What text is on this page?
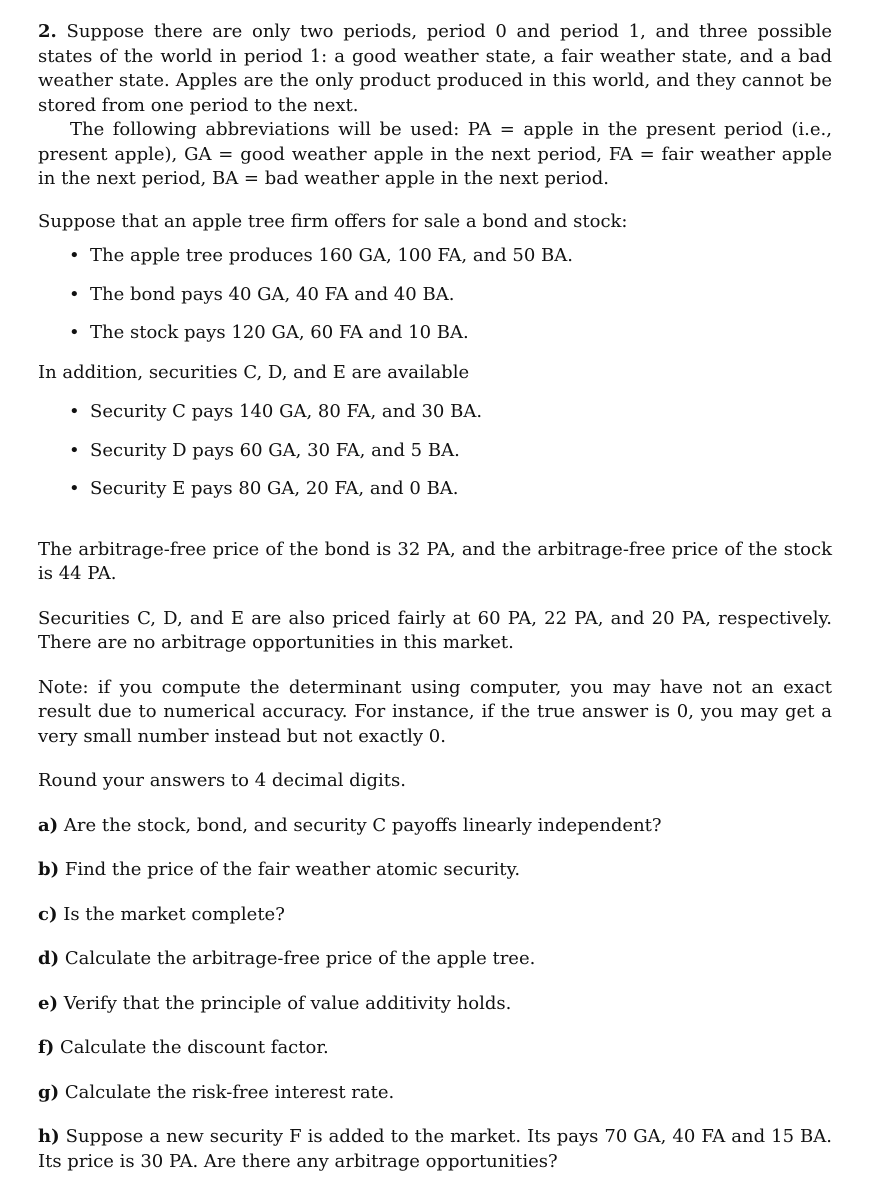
2. Suppose there are only two periods, period 0 and period 1, and three possible states of the world in period 1: a good weather state, a fair weather state, and a bad weather state. Apples are the only product produced in this world, and they cannot be stored from one period to the next.

The following abbreviations will be used: PA = apple in the present period (i.e., present apple), GA = good weather apple in the next period, FA = fair weather apple in the next period, BA = bad weather apple in the next period.

Suppose that an apple tree firm offers for sale a bond and stock:

• The apple tree produces 160 GA, 100 FA, and 50 BA.
• The bond pays 40 GA, 40 FA and 40 BA.
• The stock pays 120 GA, 60 FA and 10 BA.

In addition, securities C, D, and E are available

• Security C pays 140 GA, 80 FA, and 30 BA.
• Security D pays 60 GA, 30 FA, and 5 BA.
• Security E pays 80 GA, 20 FA, and 0 BA.

The arbitrage-free price of the bond is 32 PA, and the arbitrage-free price of the stock is 44 PA.

Securities C, D, and E are also priced fairly at 60 PA, 22 PA, and 20 PA, respectively. There are no arbitrage opportunities in this market.

Note: if you compute the determinant using computer, you may have not an exact result due to numerical accuracy. For instance, if the true answer is 0, you may get a very small number instead but not exactly 0.

Round your answers to 4 decimal digits.

a) Are the stock, bond, and security C payoffs linearly independent?

b) Find the price of the fair weather atomic security.

c) Is the market complete?

d) Calculate the arbitrage-free price of the apple tree.

e) Verify that the principle of value additivity holds.

f) Calculate the discount factor.

g) Calculate the risk-free interest rate.

h) Suppose a new security F is added to the market. Its pays 70 GA, 40 FA and 15 BA. Its price is 30 PA. Are there any arbitrage opportunities?
